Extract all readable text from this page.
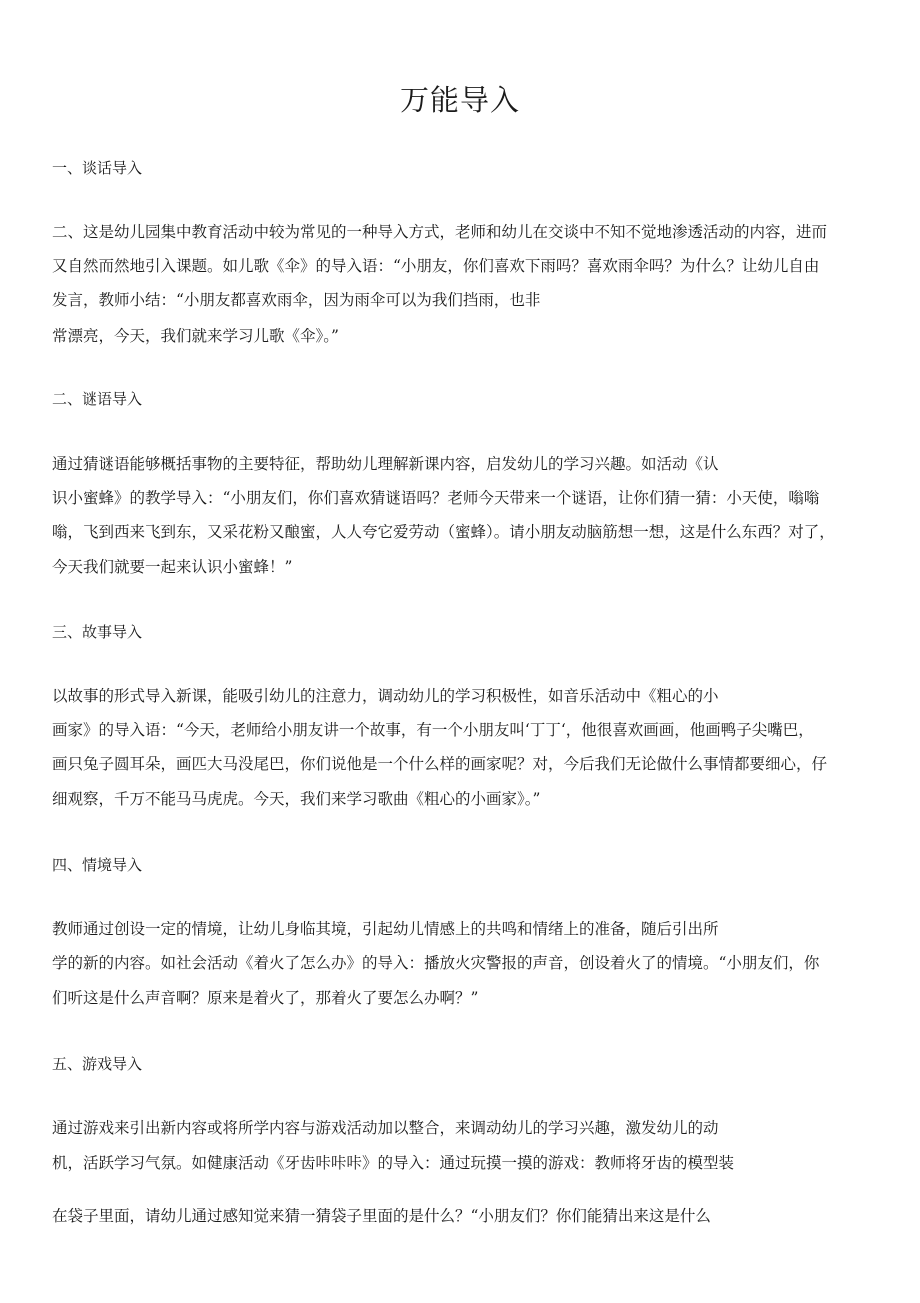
万能导入

一、谈话导入

二、这是幼儿园集中教育活动中较为常见的一种导入方式，老师和幼儿在交谈中不知不觉地渗透活动的内容，进而

又自然而然地引入课题。如儿歌《伞》的导入语：“小朋友，你们喜欢下雨吗？喜欢雨伞吗？为什么？让幼儿自由

发言，教师小结：“小朋友都喜欢雨伞，因为雨伞可以为我们挡雨，也非

常漂亮，今天，我们就来学习儿歌《伞》。”

二、谜语导入

通过猜谜语能够概括事物的主要特征，帮助幼儿理解新课内容，启发幼儿的学习兴趣。如活动《认

识小蜜蜂》的教学导入：“小朋友们，你们喜欢猜谜语吗？老师今天带来一个谜语，让你们猜一猜：小天使，嗡嗡

嗡，飞到西来飞到东，又采花粉又酿蜜，人人夸它爱劳动（蜜蜂）。请小朋友动脑筋想一想，这是什么东西？对了，

今天我们就要一起来认识小蜜蜂！”

三、故事导入

以故事的形式导入新课，能吸引幼儿的注意力，调动幼儿的学习积极性，如音乐活动中《粗心的小

画家》的导入语：“今天，老师给小朋友讲一个故事，有一个小朋友叫‘丁丁‘，他很喜欢画画，他画鸭子尖嘴巴，

画只兔子圆耳朵，画匹大马没尾巴，你们说他是一个什么样的画家呢？对，今后我们无论做什么事情都要细心，仔

细观察，千万不能马马虎虎。今天，我们来学习歌曲《粗心的小画家》。”

四、情境导入

教师通过创设一定的情境，让幼儿身临其境，引起幼儿情感上的共鸣和情绪上的准备，随后引出所

学的新的内容。如社会活动《着火了怎么办》的导入：播放火灾警报的声音，创设着火了的情境。“小朋友们，你

们听这是什么声音啊？原来是着火了，那着火了要怎么办啊？”

五、游戏导入

通过游戏来引出新内容或将所学内容与游戏活动加以整合，来调动幼儿的学习兴趣，激发幼儿的动

机，活跃学习气氛。如健康活动《牙齿咔咔咔》的导入：通过玩摸一摸的游戏：教师将牙齿的模型装

在袋子里面，请幼儿通过感知觉来猜一猜袋子里面的是什么？“小朋友们？你们能猜出来这是什么
